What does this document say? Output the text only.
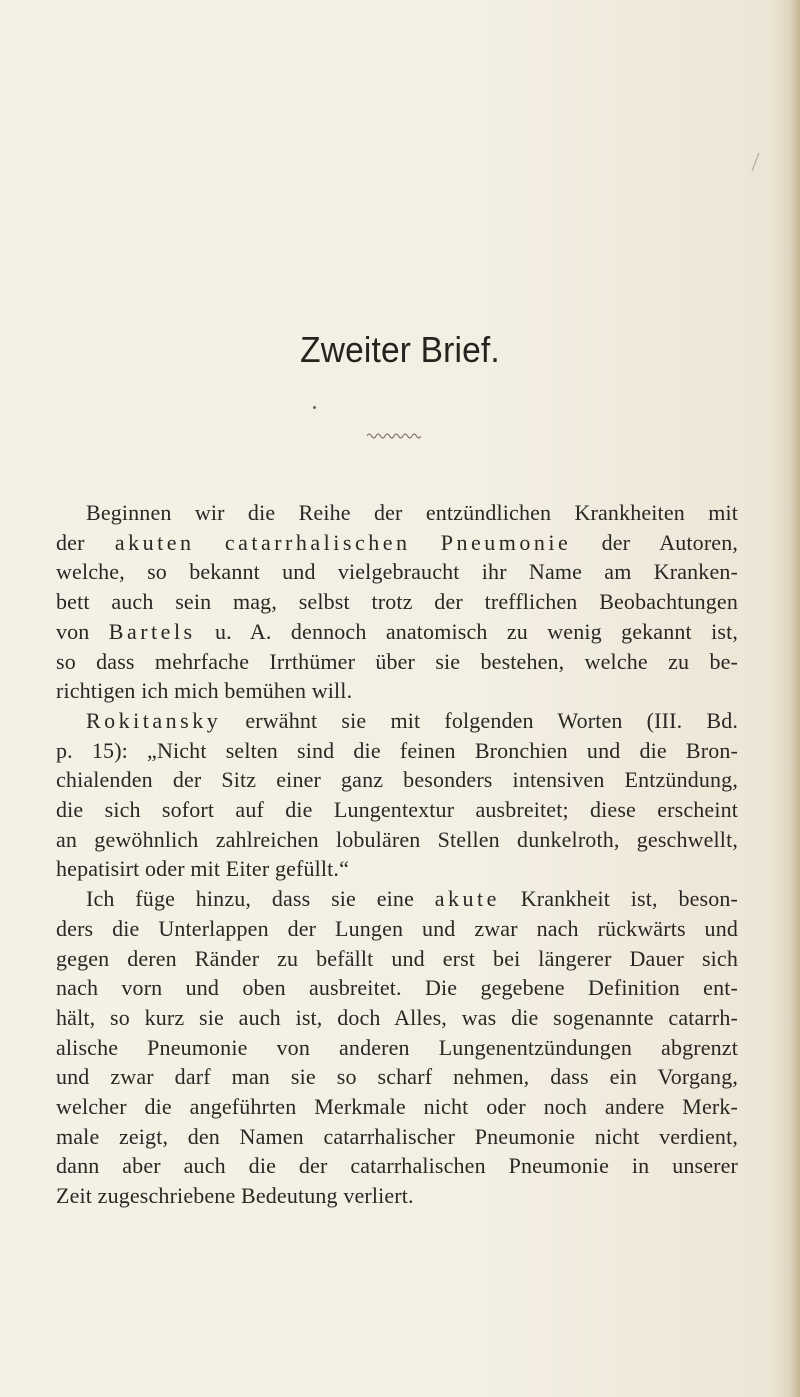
Zweiter Brief.
Beginnen wir die Reihe der entzündlichen Krankheiten mit
der akuten catarrhalischen Pneumonie der Autoren,
welche, so bekannt und vielgebraucht ihr Name am Kranken-
bett auch sein mag, selbst trotz der trefflichen Beobachtungen
von Bartels u. A. dennoch anatomisch zu wenig gekannt ist,
so dass mehrfache Irrthümer über sie bestehen, welche zu be-
richtigen ich mich bemühen will.
Rokitansky erwähnt sie mit folgenden Worten (III. Bd.
p. 15): „Nicht selten sind die feinen Bronchien und die Bron-
chialenden der Sitz einer ganz besonders intensiven Entzündung,
die sich sofort auf die Lungentextur ausbreitet; diese erscheint
an gewöhnlich zahlreichen lobulären Stellen dunkelroth, geschwellt,
hepatisirt oder mit Eiter gefüllt.“
Ich füge hinzu, dass sie eine akute Krankheit ist, beson-
ders die Unterlappen der Lungen und zwar nach rückwärts und
gegen deren Ränder zu befällt und erst bei längerer Dauer sich
nach vorn und oben ausbreitet. Die gegebene Definition ent-
hält, so kurz sie auch ist, doch Alles, was die sogenannte catarrh-
alische Pneumonie von anderen Lungenentzündungen abgrenzt
und zwar darf man sie so scharf nehmen, dass ein Vorgang,
welcher die angeführten Merkmale nicht oder noch andere Merk-
male zeigt, den Namen catarrhalischer Pneumonie nicht verdient,
dann aber auch die der catarrhalischen Pneumonie in unserer
Zeit zugeschriebene Bedeutung verliert.
